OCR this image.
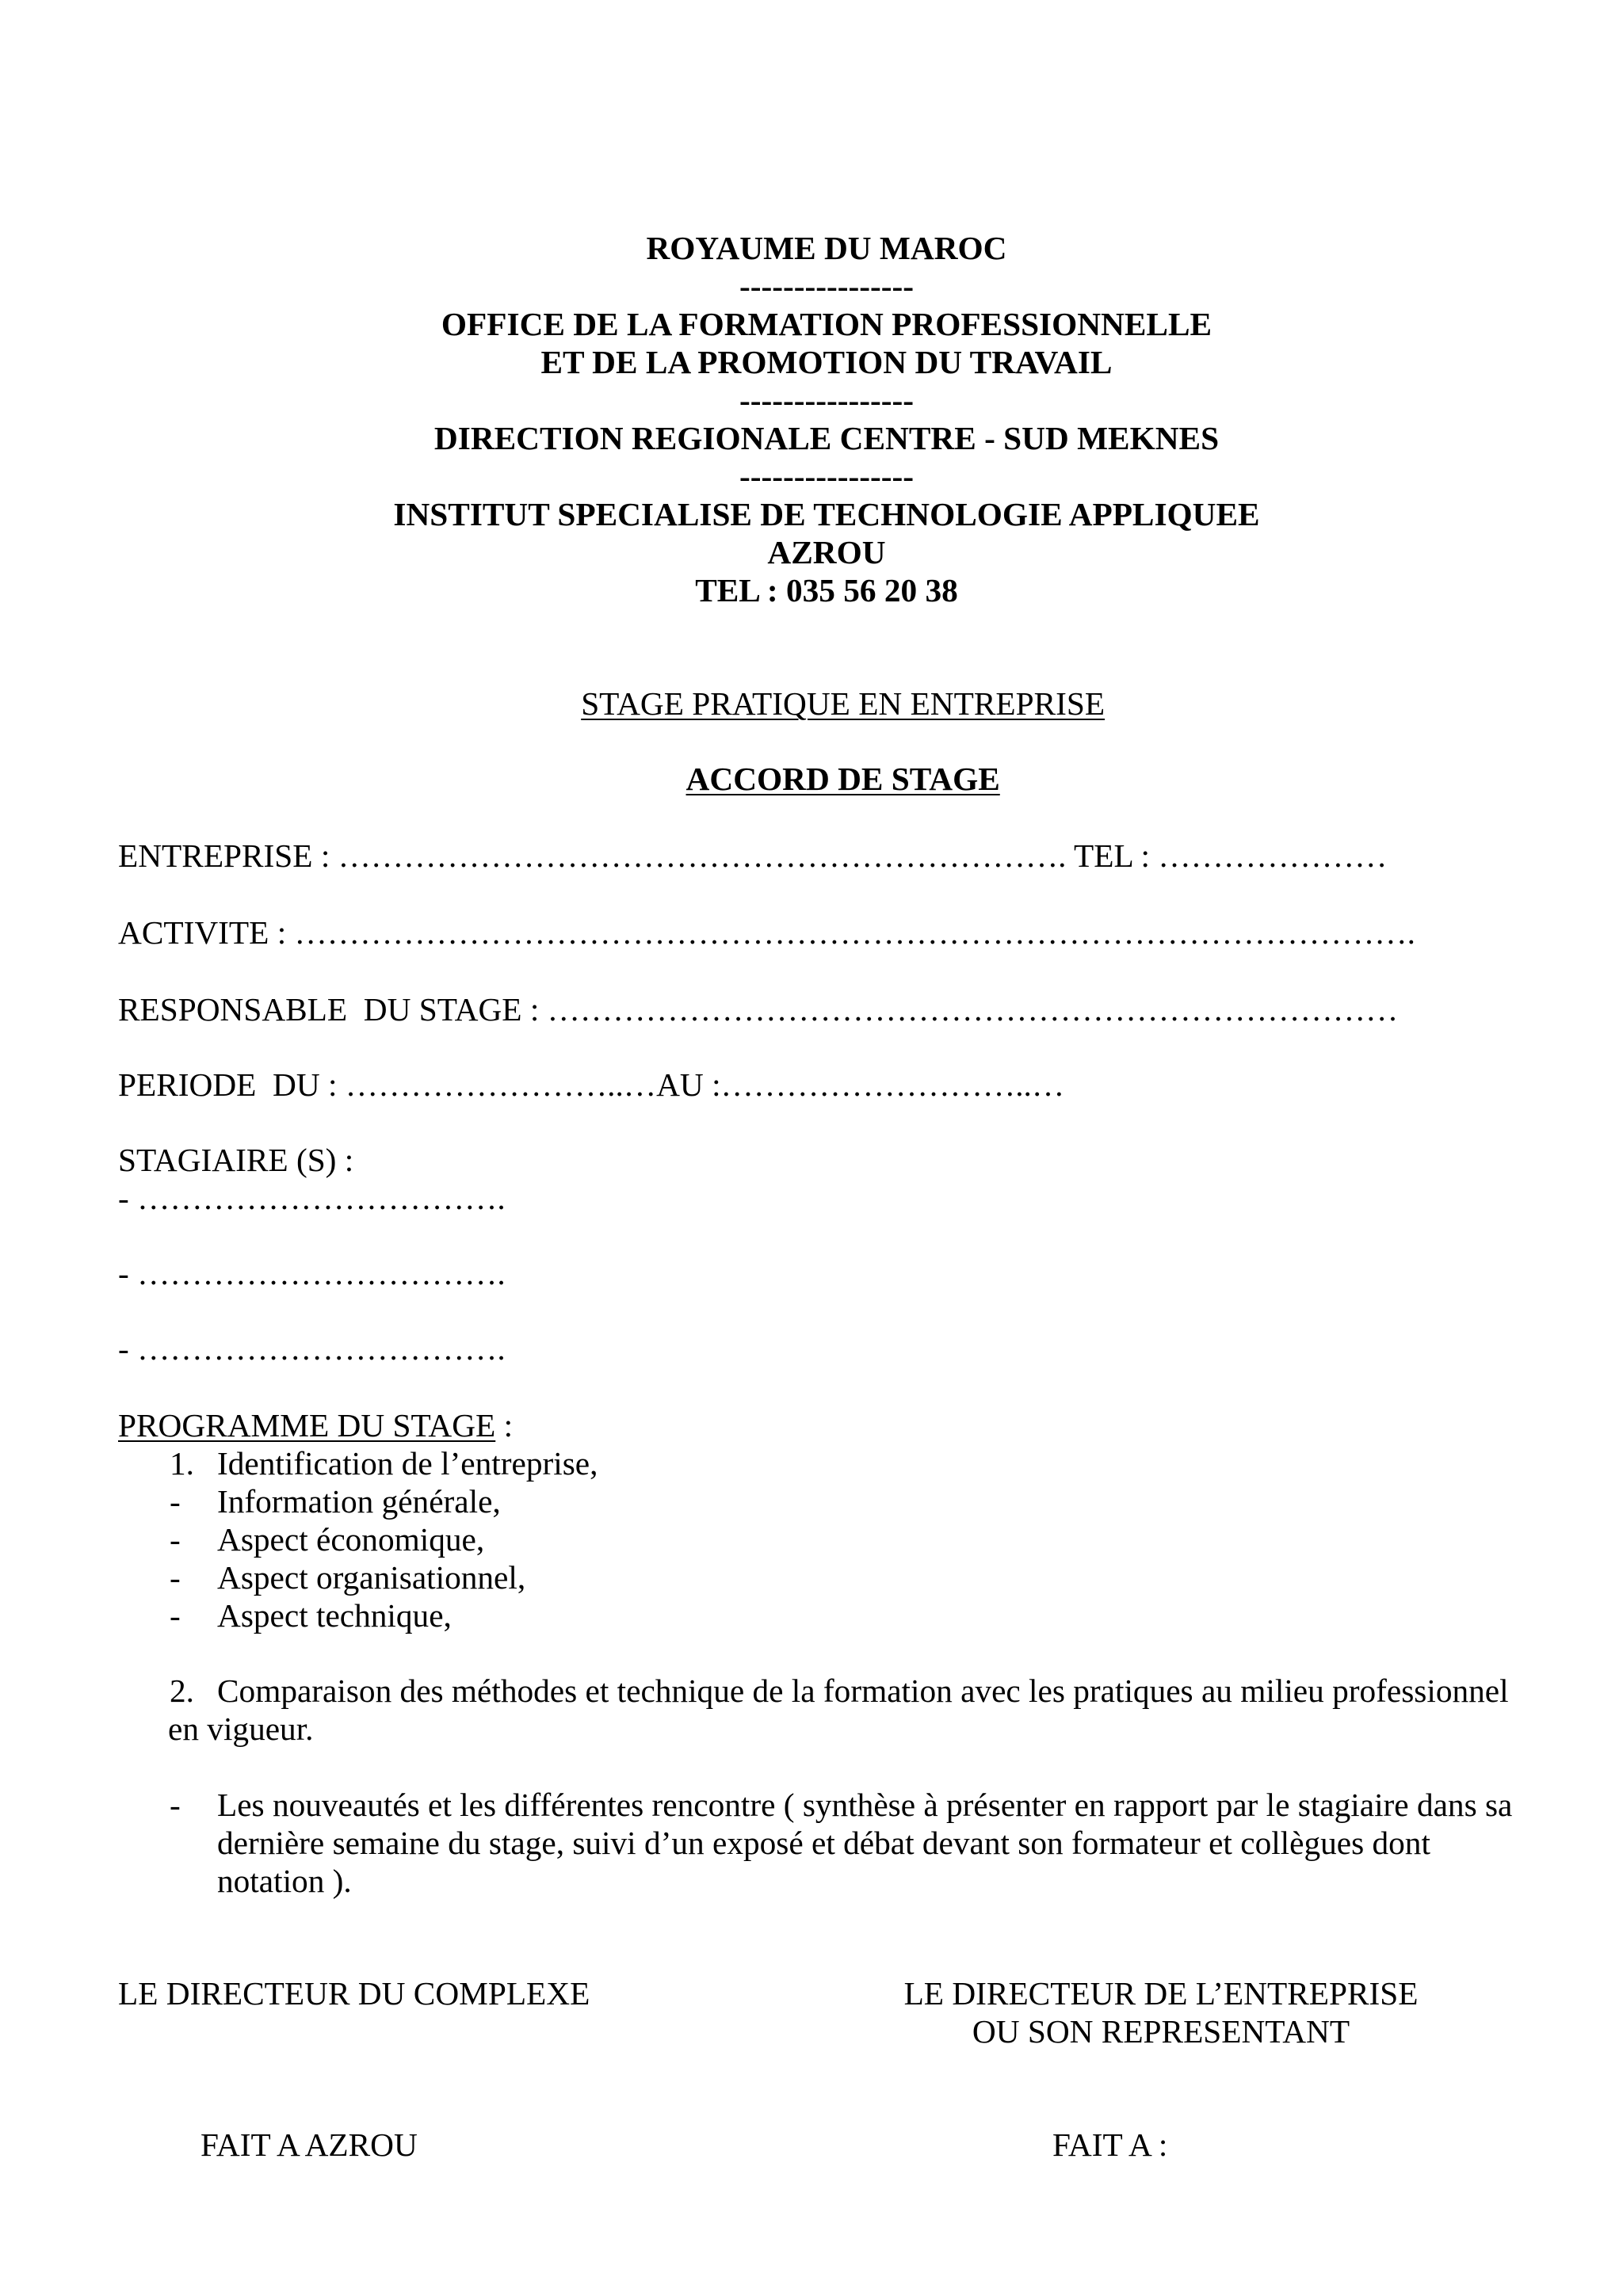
ROYAUME DU MAROC
----------------
OFFICE DE LA FORMATION PROFESSIONNELLE
ET DE LA PROMOTION DU TRAVAIL
----------------
DIRECTION REGIONALE CENTRE - SUD MEKNES
----------------
INSTITUT SPECIALISE DE TECHNOLOGIE APPLIQUEE
AZROU
TEL : 035 56 20 38

STAGE PRATIQUE EN ENTREPRISE

ACCORD DE STAGE

ENTREPRISE : …………………………………………………………. TEL : …………………
ACTIVITE : ………………………………………………………………………………………….
RESPONSABLE  DU STAGE : ……………………………………………………………………
PERIODE  DU : ……………………..…AU :………………………..…
STAGIAIRE (S) :
- …………………………….
- …………………………….
- …………………………….
PROGRAMME DU STAGE :
1. Identification de l’entreprise,
- Information générale,
- Aspect économique,
- Aspect organisationnel,
- Aspect technique,
2. Comparaison des méthodes et technique de la formation avec les pratiques au milieu professionnel
en vigueur.
- Les nouveautés et les différentes rencontre ( synthèse à présenter en rapport par le stagiaire dans sa
dernière semaine du stage, suivi d’un exposé et débat devant son formateur et collègues dont
notation ).
LE DIRECTEUR DU COMPLEXE	LE DIRECTEUR DE L’ENTREPRISE
OU SON REPRESENTANT
FAIT A AZROU	FAIT A :
